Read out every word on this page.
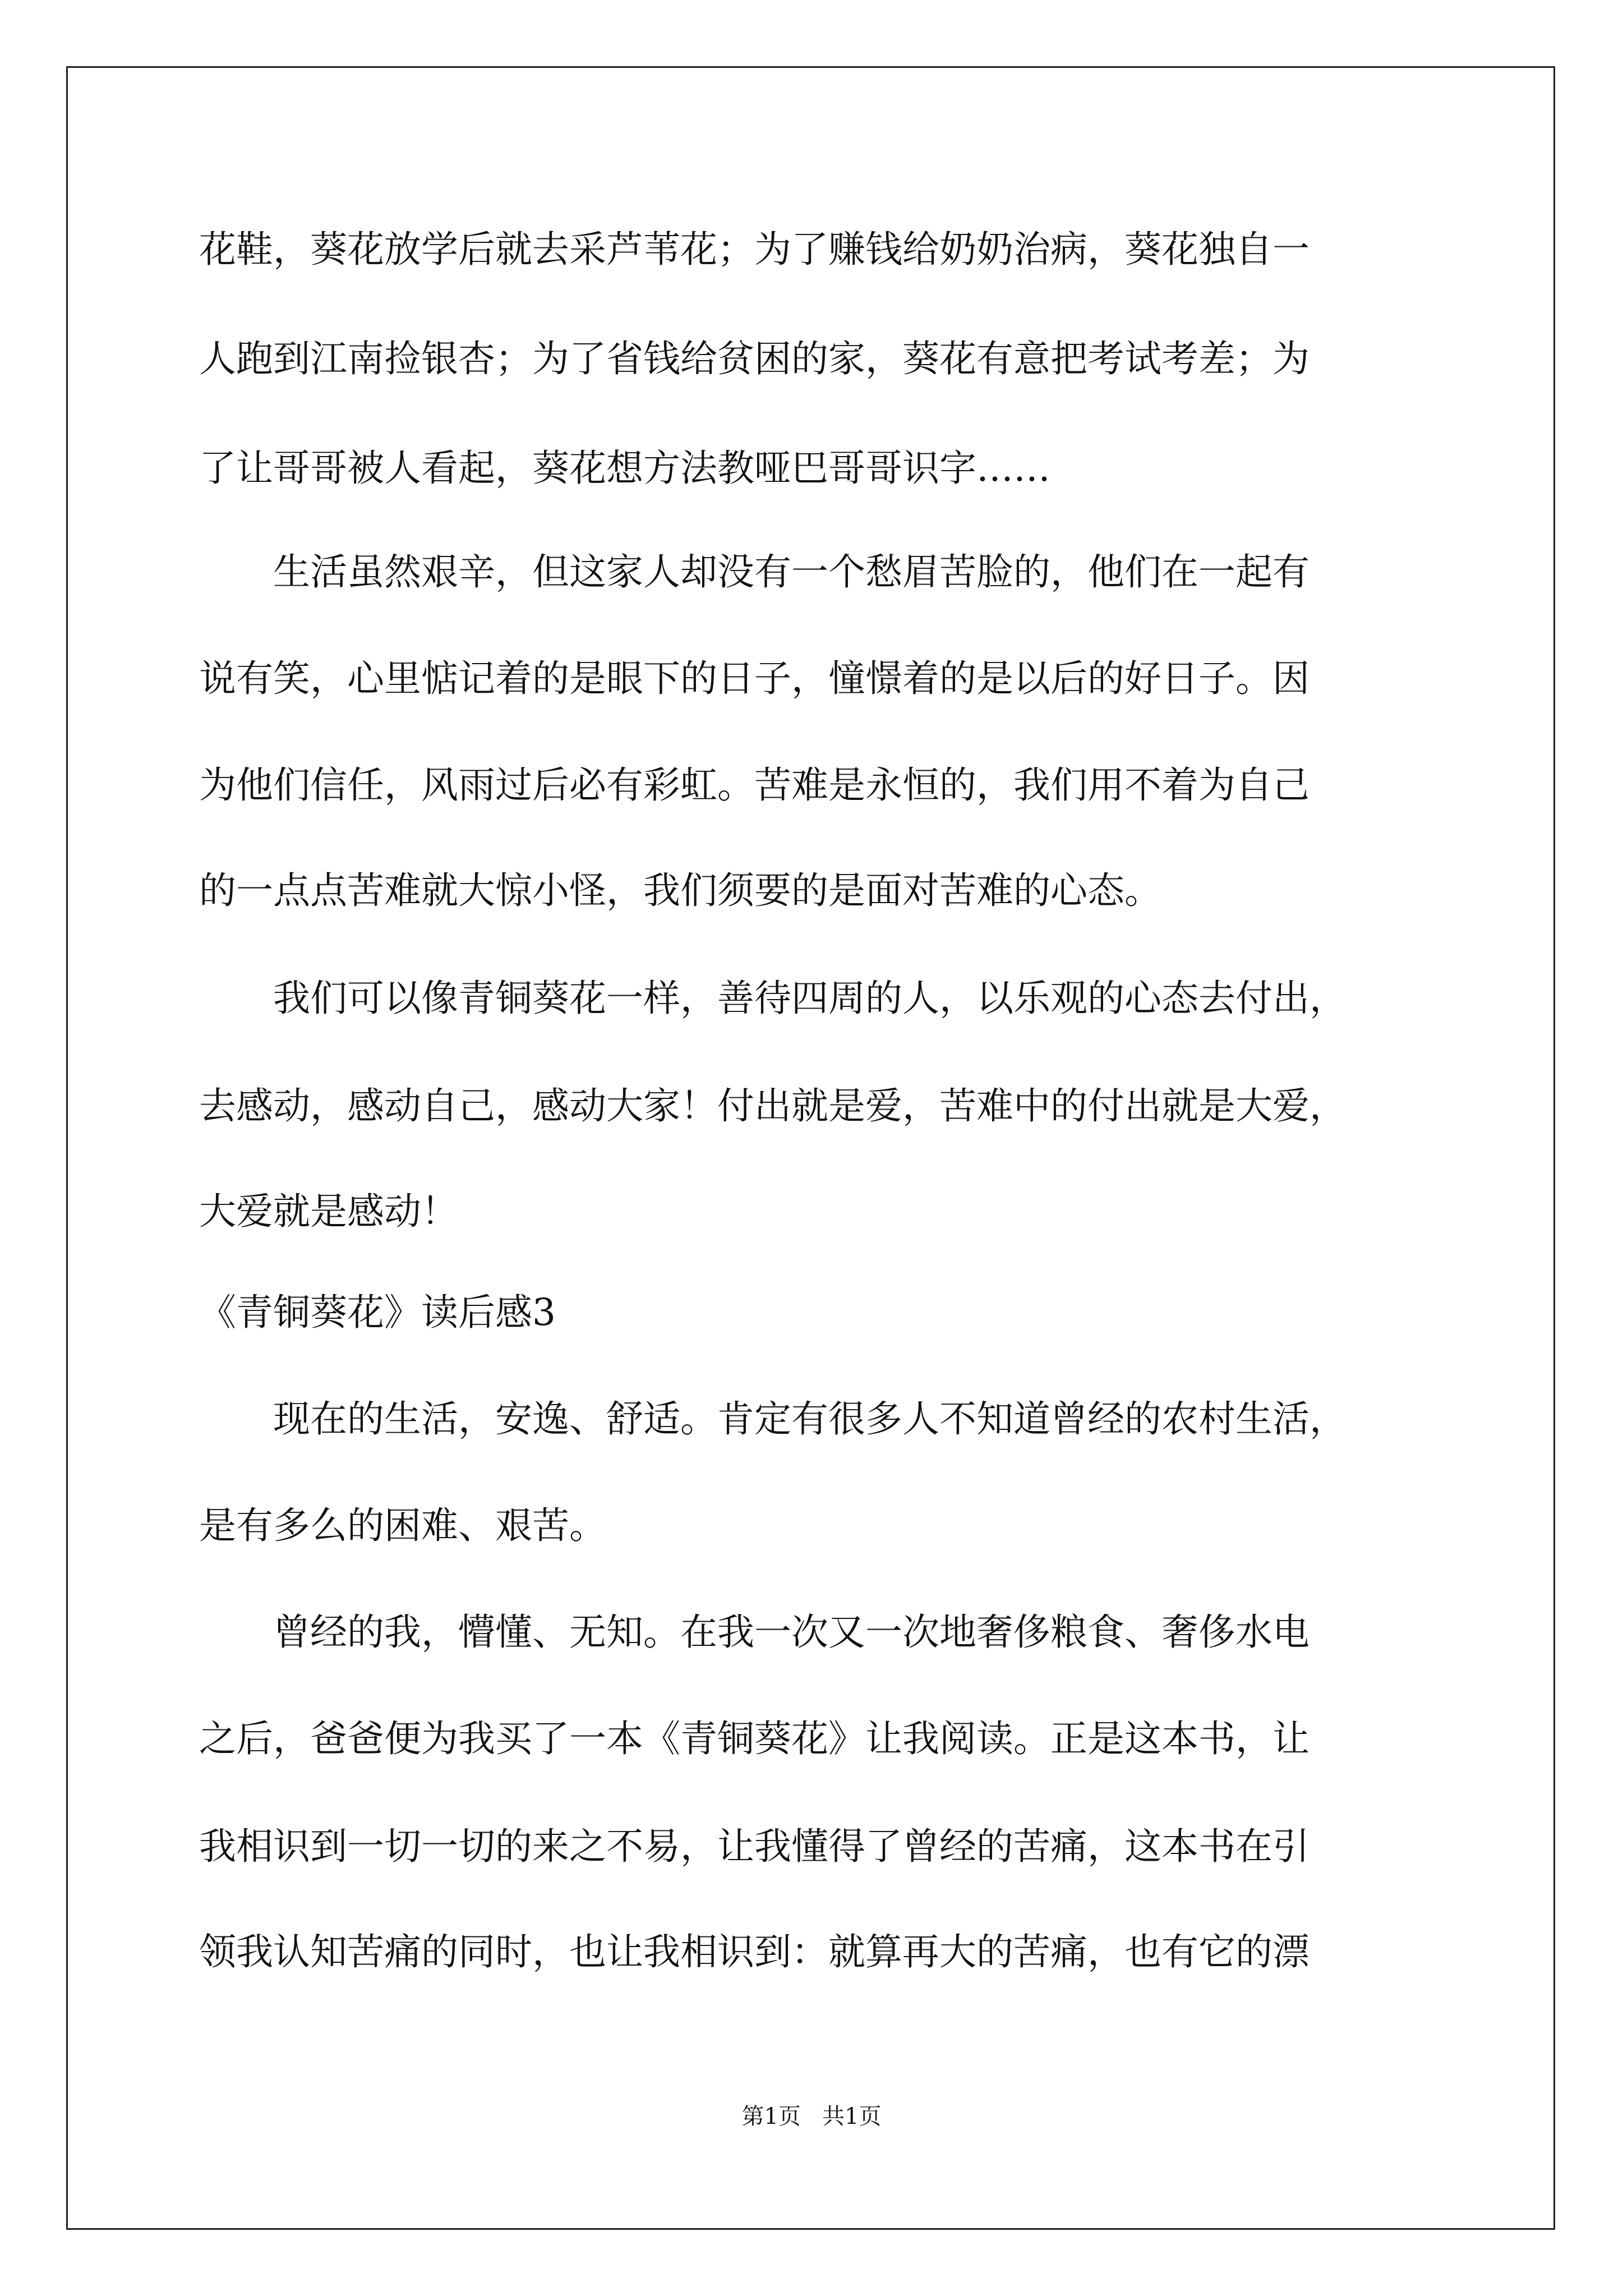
花鞋，葵花放学后就去采芦苇花；为了赚钱给奶奶治病，葵花独自一
人跑到江南捡银杏；为了省钱给贫困的家，葵花有意把考试考差；为
了让哥哥被人看起，葵花想方法教哑巴哥哥识字……
　　生活虽然艰辛，但这家人却没有一个愁眉苦脸的，他们在一起有
说有笑，心里惦记着的是眼下的日子，憧憬着的是以后的好日子。因
为他们信任，风雨过后必有彩虹。苦难是永恒的，我们用不着为自己
的一点点苦难就大惊小怪，我们须要的是面对苦难的心态。
　　我们可以像青铜葵花一样，善待四周的人，以乐观的心态去付出，
去感动，感动自己，感动大家！付出就是爱，苦难中的付出就是大爱，
大爱就是感动！
《青铜葵花》读后感3
　　现在的生活，安逸、舒适。肯定有很多人不知道曾经的农村生活，
是有多么的困难、艰苦。
　　曾经的我，懵懂、无知。在我一次又一次地奢侈粮食、奢侈水电
之后，爸爸便为我买了一本《青铜葵花》让我阅读。正是这本书，让
我相识到一切一切的来之不易，让我懂得了曾经的苦痛，这本书在引
领我认知苦痛的同时，也让我相识到：就算再大的苦痛，也有它的漂
第1页   共1页
